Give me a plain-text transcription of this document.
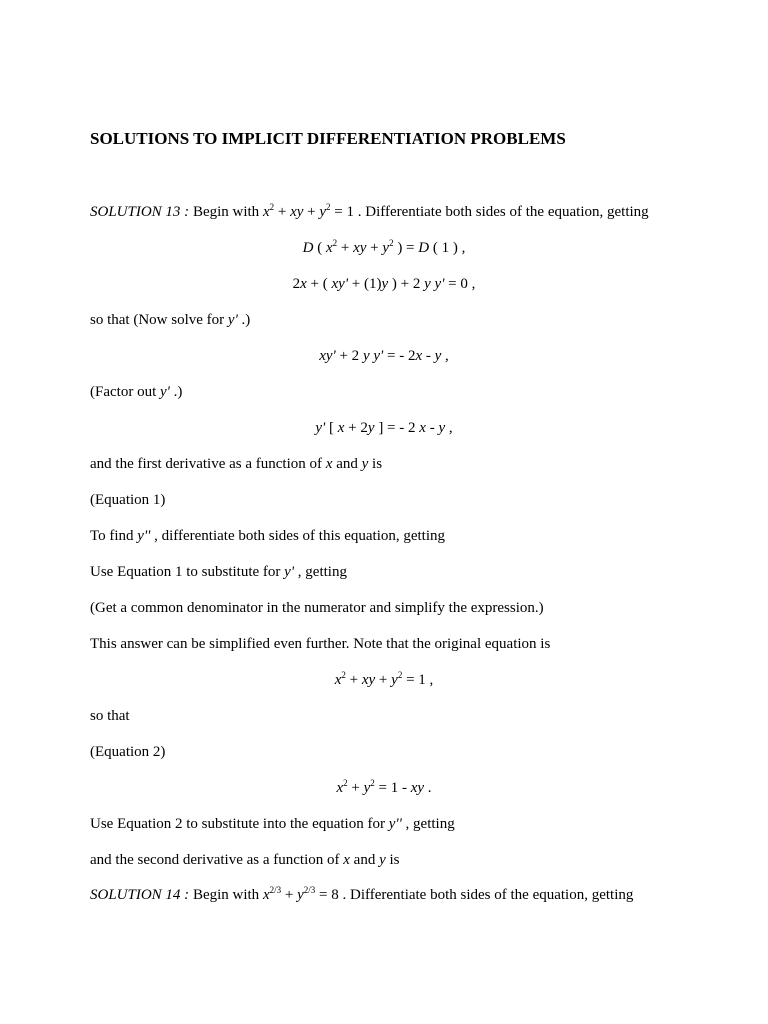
SOLUTIONS TO IMPLICIT DIFFERENTIATION PROBLEMS
SOLUTION 13 : Begin with $x^2$ + xy + $y^2 = 1$ . Differentiate both sides of the equation, getting
D ( $x^2$ + xy + $y^2$ ) = D ( 1 ) ,
2x + ( xy' + (1)y ) + 2 y y' = 0 ,
so that (Now solve for y' .)
xy' + 2 y y' = - 2x - y ,
(Factor out y' .)
y' [ x + 2y ] = - 2 x - y ,
and the first derivative as a function of x and y is
(Equation 1)
To find y'' , differentiate both sides of this equation, getting
Use Equation 1 to substitute for y' , getting
(Get a common denominator in the numerator and simplify the expression.)
This answer can be simplified even further. Note that the original equation is
$x^2$ + xy + $y^2 = 1$ ,
so that
(Equation 2)
$x^2 + y^2 = 1$ - xy .
Use Equation 2 to substitute into the equation for y'' , getting
and the second derivative as a function of x and y is
SOLUTION 14 : Begin with $x^{2/3} + y^{2/3} = 8$ . Differentiate both sides of the equation, getting
